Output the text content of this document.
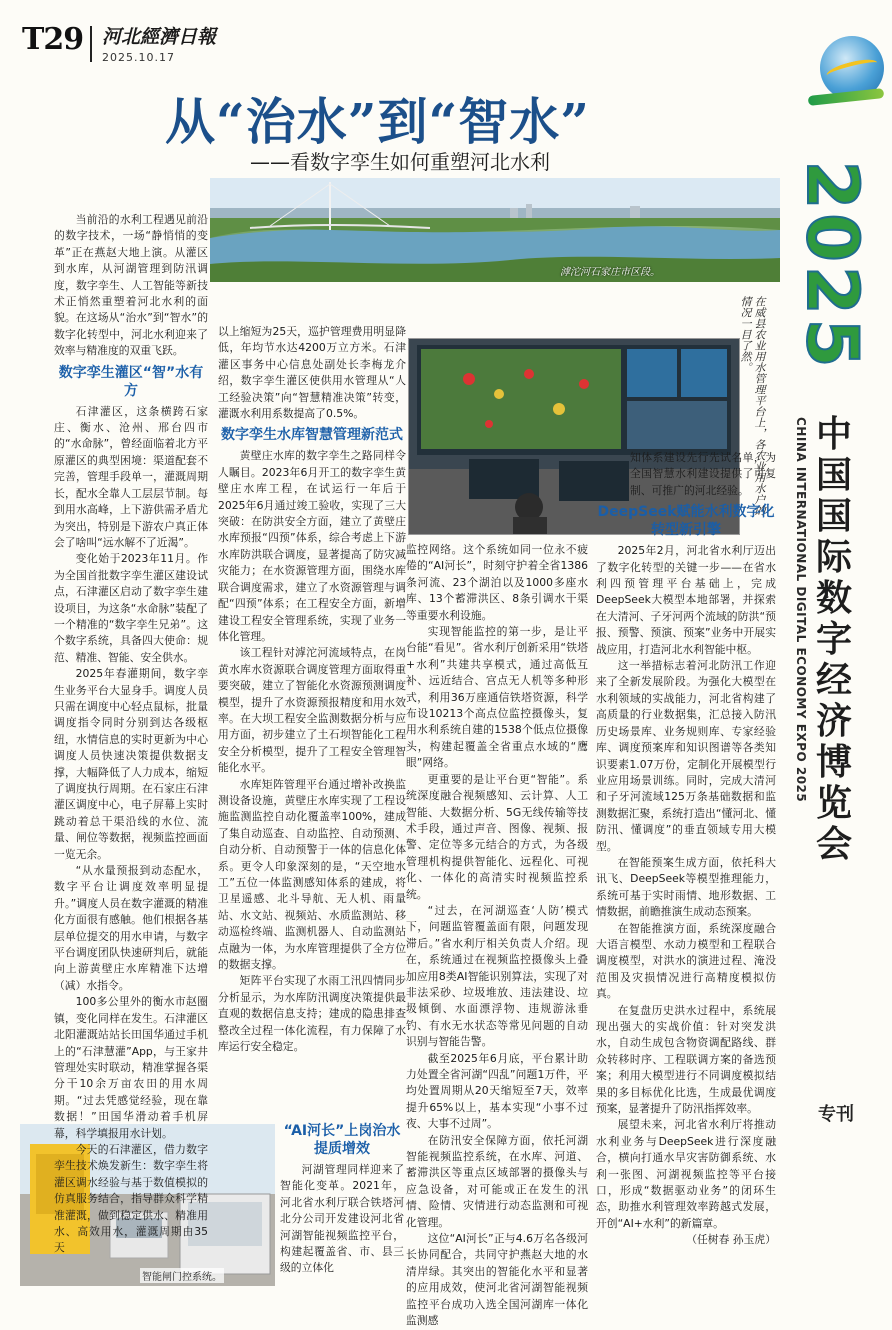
T29 河北經濟日報
2025.10.17
2025
CHINA INTERNATIONAL DIGITAL ECONOMY EXPO 2025 中国国际数字经济博览会
专刊
从“治水”到“智水”
——看数字孪生如何重塑河北水利
滹沱河石家庄市区段。
在威县农业用水管理平台上，各农业用水户的情况一目了然。
智能闸门控系统。

当前沿的水利工程遇见前沿的数字技术，一场“静悄悄的变革”正在燕赵大地上演。从灌区到水库，从河湖管理到防汛调度，数字孪生、人工智能等新技术正悄然重塑着河北水利的面貌。在这场从“治水”到“智水”的数字化转型中，河北水利迎来了效率与精准度的双重飞跃。

数字孪生灌区“智”水有方

石津灌区，这条横跨石家庄、衡水、沧州、邢台四市的“水命脉”，曾经面临着北方平原灌区的典型困境：渠道配套不完善，管理手段单一，灌溉周期长，配水全靠人工层层节制。每到用水高峰，上下游供需矛盾尤为突出，特别是下游农户真正体会了啥叫“远水解不了近渴”。

变化始于2023年11月。作为全国首批数字孪生灌区建设试点，石津灌区启动了数字孪生建设项目，为这条“水命脉”装配了一个精准的“数字孪生兄弟”。这个数字系统，具备四大使命：规范、精准、智能、安全供水。

2025年春灌期间，数字孪生业务平台大显身手。调度人员只需在调度中心轻点鼠标，批量调度指令同时分别到达各级枢纽，水情信息的实时更新为中心调度人员快速决策提供数据支撑，大幅降低了人力成本，缩短了调度执行周期。在石家庄石津灌区调度中心，电子屏幕上实时跳动着总干渠沿线的水位、流量、闸位等数据，视频监控画面一览无余。

“从水量预报到动态配水，数字平台让调度效率明显提升。”调度人员在数字灌溉的精准化方面很有感触。他们根据各基层单位提交的用水申请，与数字平台调度团队快速研判后，就能向上游黄壁庄水库精准下达增（减）水指令。

100多公里外的衡水市赵圈镇，变化同样在发生。石津灌区北阳灌溉站站长田国华通过手机上的“石津慧灌”App，与王家井管理处实时联动，精准掌握各渠分干10余万亩农田的用水周期。“过去凭感觉经验，现在靠数据！”田国华滑动着手机屏幕，科学填报用水计划。

今天的石津灌区，借力数字孪生技术焕发新生：数字孪生将灌区调水经验与基于数值模拟的仿真服务结合，指导群众科学精准灌溉，做到稳定供水、精准用水、高效用水，灌溉周期由35天

以上缩短为25天，巡护管理费用明显降低，年均节水达4200万立方米。石津灌区事务中心信息处副处长李梅龙介绍，数字孪生灌区使供用水管理从“人工经验决策”向“智慧精准决策”转变，灌溉水利用系数提高了0.5%。

数字孪生水库智慧管理新范式

黄壁庄水库的数字孪生之路同样令人瞩目。2023年6月开工的数字孪生黄壁庄水库工程，在试运行一年后于2025年6月通过竣工验收，实现了三大突破：在防洪安全方面，建立了黄壁庄水库预报“四预”体系，综合考虑上下游水库防洪联合调度，显著提高了防灾减灾能力；在水资源管理方面，围绕水库联合调度需求，建立了水资源管理与调配“四预”体系；在工程安全方面，新增建设工程安全管理系统，实现了业务一体化管理。

该工程针对滹沱河流域特点，在岗黄水库水资源联合调度管理方面取得重要突破，建立了智能化水资源预测调度模型，提升了水资源预报精度和用水效率。在大坝工程安全监测数据分析与应用方面，初步建立了土石坝智能化工程安全分析模型，提升了工程安全管理智能化水平。

水库矩阵管理平台通过增补改换监测设备设施，黄壁庄水库实现了工程设施监测监控自动化覆盖率100%，建成了集自动巡查、自动监控、自动预测、自动分析、自动预警于一体的信息化体系。更令人印象深刻的是，“天空地水工”五位一体监测感知体系的建成，将卫星遥感、北斗导航、无人机、雨量站、水文站、视频站、水质监测站、移动巡检终端、监测机器人、自动监测站点融为一体，为水库管理提供了全方位的数据支撑。

矩阵平台实现了水雨工汛四情同步分析显示，为水库防汛调度决策提供最直观的数据信息支持；建成的隐患排查整改全过程一体化流程，有力保障了水库运行安全稳定。

“AI河长”上岗治水提质增效

河湖管理同样迎来了智能化变革。2021年，河北省水利厅联合铁塔河北分公司开发建设河北省河湖智能视频监控平台，构建起覆盖省、市、县三级的立体化

监控网络。这个系统如同一位永不疲倦的“AI河长”，时刻守护着全省1386条河流、23个湖泊以及1000多座水库、13个蓄滞洪区、8条引调水干渠等重要水利设施。

实现智能监控的第一步，是让平台能“看见”。省水利厅创新采用“铁塔+水利”共建共享模式，通过高低互补、远近结合、宫点无人机等多种形式，利用36万座通信铁塔资源，科学布设10213个高点位监控摄像头，复用水利系统自建的1538个低点位摄像头，构建起覆盖全省重点水域的“鹰眼”网络。

更重要的是让平台更“智能”。系统深度融合视频感知、云计算、人工智能、大数据分析、5G无线传输等技术手段，通过声音、图像、视频、报警、定位等多元结合的方式，为各级管理机构提供智能化、远程化、可视化、一体化的高清实时视频监控系统。

“过去，在河湖巡查‘人防’模式下，问题监管覆盖面有限，问题发现滞后。”省水利厅相关负责人介绍。现在，系统通过在视频监控摄像头上叠加应用8类AI智能识别算法，实现了对非法采砂、垃圾堆放、违法建设、垃圾倾倒、水面漂浮物、违规游泳垂钓、有水无水状态等常见问题的自动识别与智能告警。

截至2025年6月底，平台累计助力处置全省河湖“四乱”问题1万件，平均处置周期从20天缩短至7天，效率提升65%以上，基本实现“小事不过夜、大事不过周”。

在防汛安全保障方面，依托河湖智能视频监控系统，在水库、河道、蓄滞洪区等重点区域部署的摄像头与应急设备，对可能或正在发生的汛情、险情、灾情进行动态监测和可视化管理。

这位“AI河长”正与4.6万名各级河长协同配合，共同守护燕赵大地的水清岸绿。其突出的智能化水平和显著的应用成效，使河北省河湖智能视频监控平台成功入选全国河湖库一体化监测感

知体系建设先行先试名单，为全国智慧水利建设提供了可复制、可推广的河北经验。

DeepSeek赋能水利数字化转型新引擎

2025年2月，河北省水利厅迈出了数字化转型的关键一步——在省水利四预管理平台基础上，完成DeepSeek大模型本地部署，并探索在大清河、子牙河两个流域的防洪“预报、预警、预演、预案”业务中开展实战应用，打造河北水利智能中枢。

这一举措标志着河北防汛工作迎来了全新发展阶段。为强化大模型在水利领域的实战能力，河北省构建了高质量的行业数据集，汇总接入防汛历史场景库、业务规则库、专家经验库、调度预案库和知识图谱等各类知识要素1.07万份，定制化开展模型行业应用场景训练。同时，完成大清河和子牙河流域125万条基础数据和监测数据汇聚，系统打造出“懂河北、懂防汛、懂调度”的垂直领域专用大模型。

在智能预案生成方面，依托科大讯飞、DeepSeek等模型推理能力，系统可基于实时雨情、地形数据、工情数据，前瞻推演生成动态预案。

在智能推演方面，系统深度融合大语言模型、水动力模型和工程联合调度模型，对洪水的演进过程、淹没范围及灾损情况进行高精度模拟仿真。

在复盘历史洪水过程中，系统展现出强大的实战价值：针对突发洪水，自动生成包含物资调配路线、群众转移时序、工程联调方案的备选预案；利用大模型进行不同调度模拟结果的多目标优化比选，生成最优调度预案，显著提升了防汛指挥效率。

展望未来，河北省水利厅将推动水利业务与DeepSeek进行深度融合，横向打通水旱灾害防御系统、水利一张图、河湖视频监控等平台接口，形成“数据驱动业务”的闭环生态，助推水利管理效率跨越式发展，开创“AI+水利”的新篇章。

（任树春 孙玉虎）
